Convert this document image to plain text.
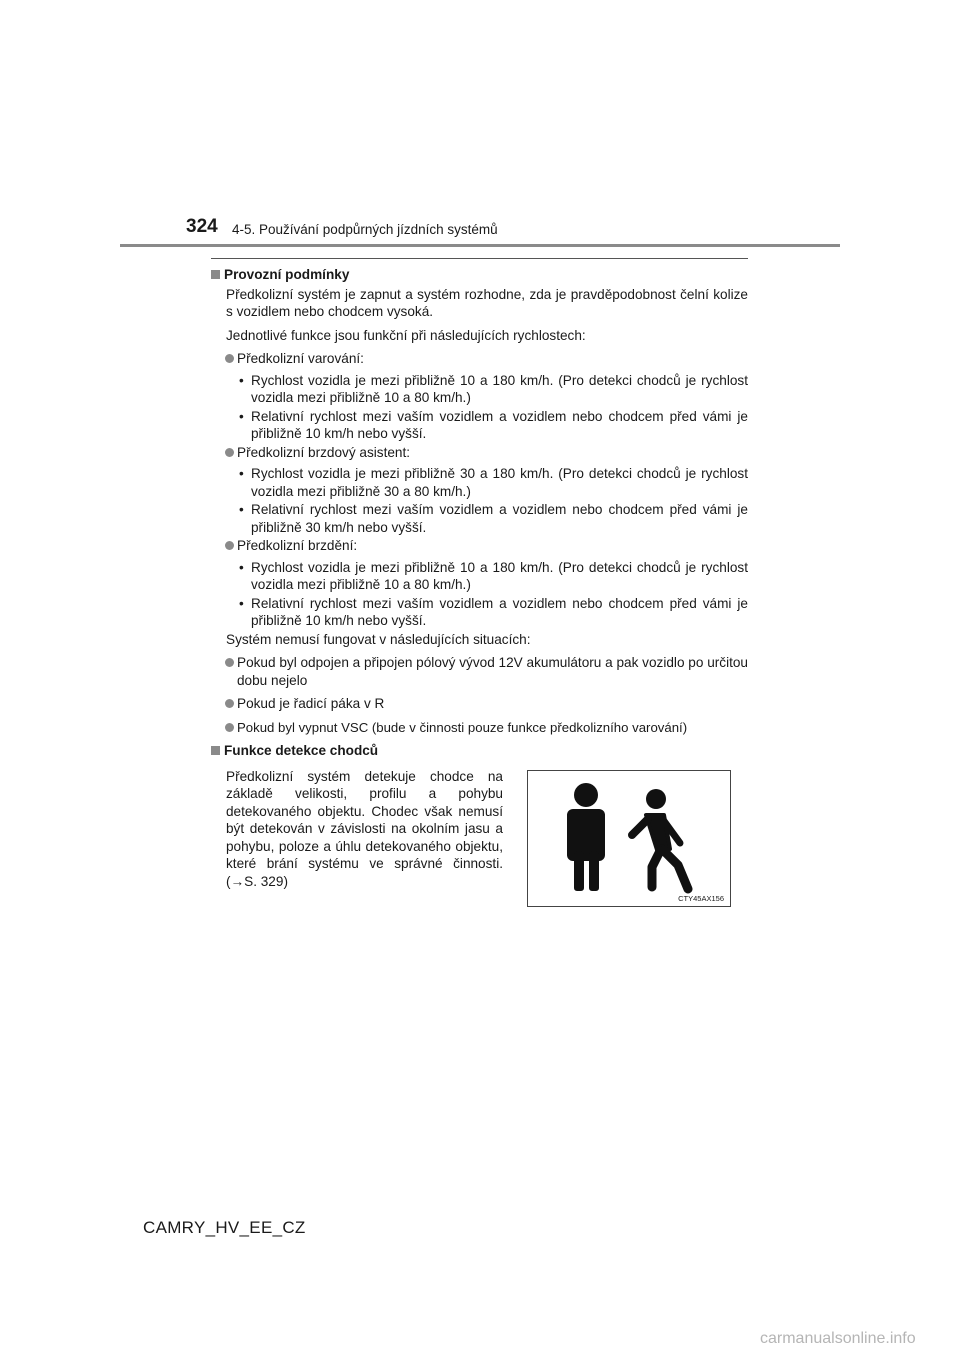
324 4-5. Používání podpůrných jízdních systémů
Provozní podmínky

Předkolizní systém je zapnut a systém rozhodne, zda je pravděpodobnost čelní kolize s vozidlem nebo chodcem vysoká.

Jednotlivé funkce jsou funkční při následujících rychlostech:

Předkolizní varování:
• Rychlost vozidla je mezi přibližně 10 a 180 km/h. (Pro detekci chodců je rychlost vozidla mezi přibližně 10 a 80 km/h.)
• Relativní rychlost mezi vaším vozidlem a vozidlem nebo chodcem před vámi je přibližně 10 km/h nebo vyšší.
Předkolizní brzdový asistent:
• Rychlost vozidla je mezi přibližně 30 a 180 km/h. (Pro detekci chodců je rychlost vozidla mezi přibližně 30 a 80 km/h.)
• Relativní rychlost mezi vaším vozidlem a vozidlem nebo chodcem před vámi je přibližně 30 km/h nebo vyšší.
Předkolizní brzdění:
• Rychlost vozidla je mezi přibližně 10 a 180 km/h. (Pro detekci chodců je rychlost vozidla mezi přibližně 10 a 80 km/h.)
• Relativní rychlost mezi vaším vozidlem a vozidlem nebo chodcem před vámi je přibližně 10 km/h nebo vyšší.

Systém nemusí fungovat v následujících situacích:

Pokud byl odpojen a připojen pólový vývod 12V akumulátoru a pak vozidlo po určitou dobu nejelo
Pokud je řadicí páka v R
Pokud byl vypnut VSC (bude v činnosti pouze funkce předkolizního varování)
Funkce detekce chodců
Předkolizní systém detekuje chodce na základě velikosti, profilu a pohybu detekovaného objektu. Chodec však nemusí být detekován v závislosti na okolním jasu a pohybu, poloze a úhlu detekovaného objektu, které brání systému ve správné činnosti. (→S. 329)
CTY45AX156
CAMRY_HV_EE_CZ
carmanualsonline.info
